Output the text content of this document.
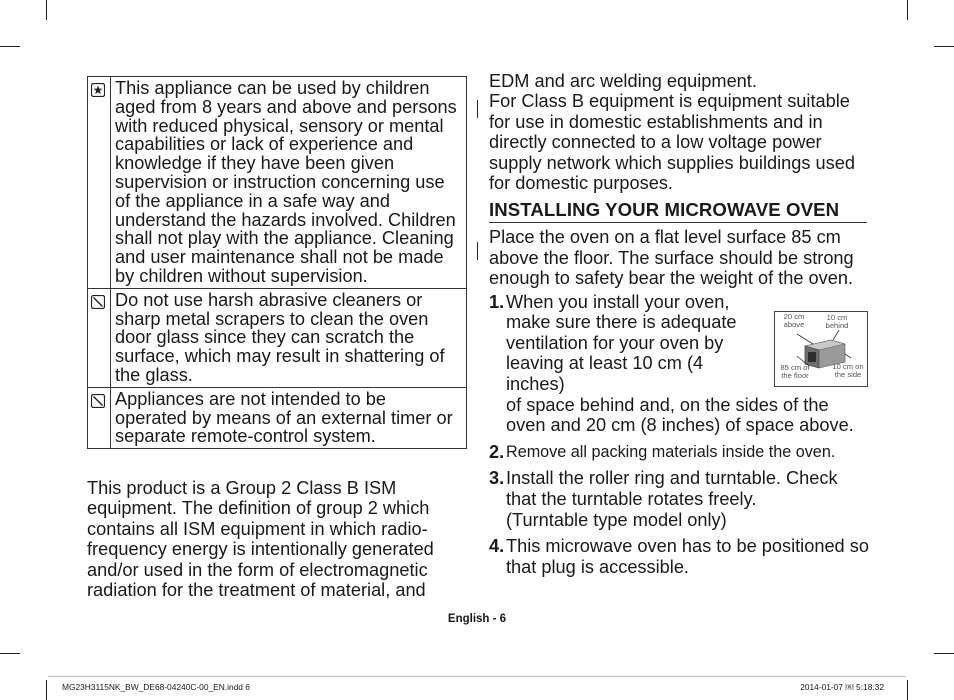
This appliance can be used by children aged from 8 years and above and persons with reduced physical, sensory or mental capabilities or lack of experience and knowledge if they have been given supervision or instruction concerning use of the appliance in a safe way and understand the hazards involved. Children shall not play with the appliance. Cleaning and user maintenance shall not be made by children without supervision.
Do not use harsh abrasive cleaners or sharp metal scrapers to clean the oven door glass since they can scratch the surface, which may result in shattering of the glass.
Appliances are not intended to be operated by means of an external timer or separate remote-control system.
This product is a Group 2 Class B ISM equipment. The definition of group 2 which contains all ISM equipment in which radio-frequency energy is intentionally generated and/or used in the form of electromagnetic radiation for the treatment of material, and

EDM and arc welding equipment.

For Class B equipment is equipment suitable for use in domestic establishments and in directly connected to a low voltage power supply network which supplies buildings used for domestic purposes.

INSTALLING YOUR MICROWAVE OVEN

Place the oven on a flat level surface 85 cm above the floor. The surface should be strong enough to safety bear the weight of the oven.

1. When you install your oven, make sure there is adequate ventilation for your oven by leaving at least 10 cm (4 inches)
of space behind and, on the sides of the oven and 20 cm (8 inches) of space above.
2. Remove all packing materials inside the oven.
3. Install the roller ring and turntable. Check that the turntable rotates freely.
(Turntable type model only)
4. This microwave oven has to be positioned so that plug is accessible.
20 cm above
10 cm behind
85 cm of the floor
10 cm on the side
English - 6
MG23H3115NK_BW_DE68-04240C-00_EN.indd 6	2014-01-07 ￼ 5:18:32
